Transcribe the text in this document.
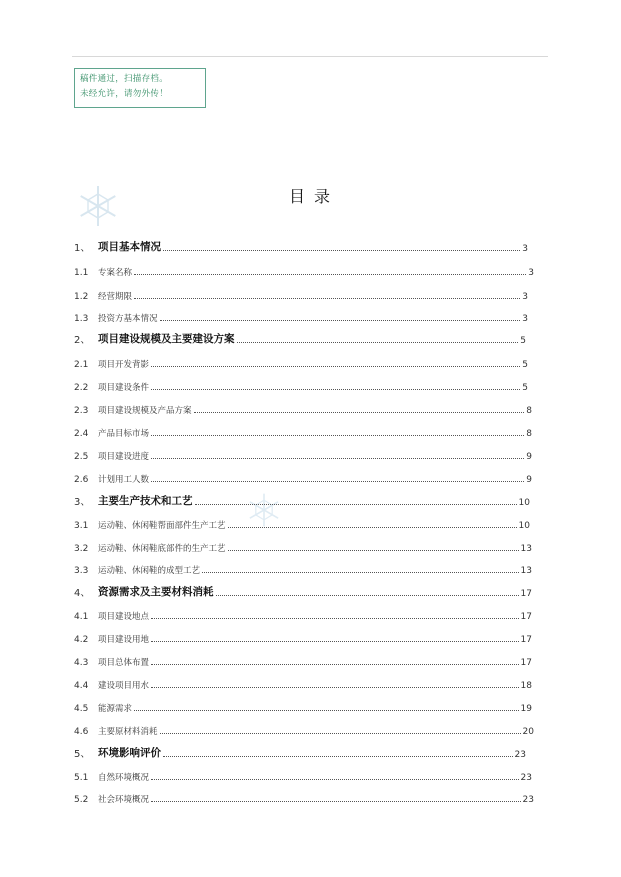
稿件通过，扫描存档。
未经允许，请勿外传！
目 录
1、 项目基本情况	3
1.1	专案名称	3
1.2	经营期限	3
1.3	投资方基本情况	3
2、 项目建设规模及主要建设方案	5
2.1	项目开发背影	5
2.2	项目建设条件	5
2.3	项目建设规模及产品方案	8
2.4	产品目标市场	8
2.5	项目建设进度	9
2.6	计划用工人数	9
3、 主要生产技术和工艺	10
3.1	运动鞋、休闲鞋帮面部件生产工艺	10
3.2	运动鞋、休闲鞋底部件的生产工艺	13
3.3	运动鞋、休闲鞋的成型工艺	13
4、 资源需求及主要材料消耗	17
4.1	项目建设地点	17
4.2	项目建设用地	17
4.3	项目总体布置	17
4.4	建设项目用水	18
4.5	能源需求	19
4.6	主要原材料消耗	20
5、 环境影响评价	23
5.1	自然环境概况	23
5.2	社会环境概况	23
